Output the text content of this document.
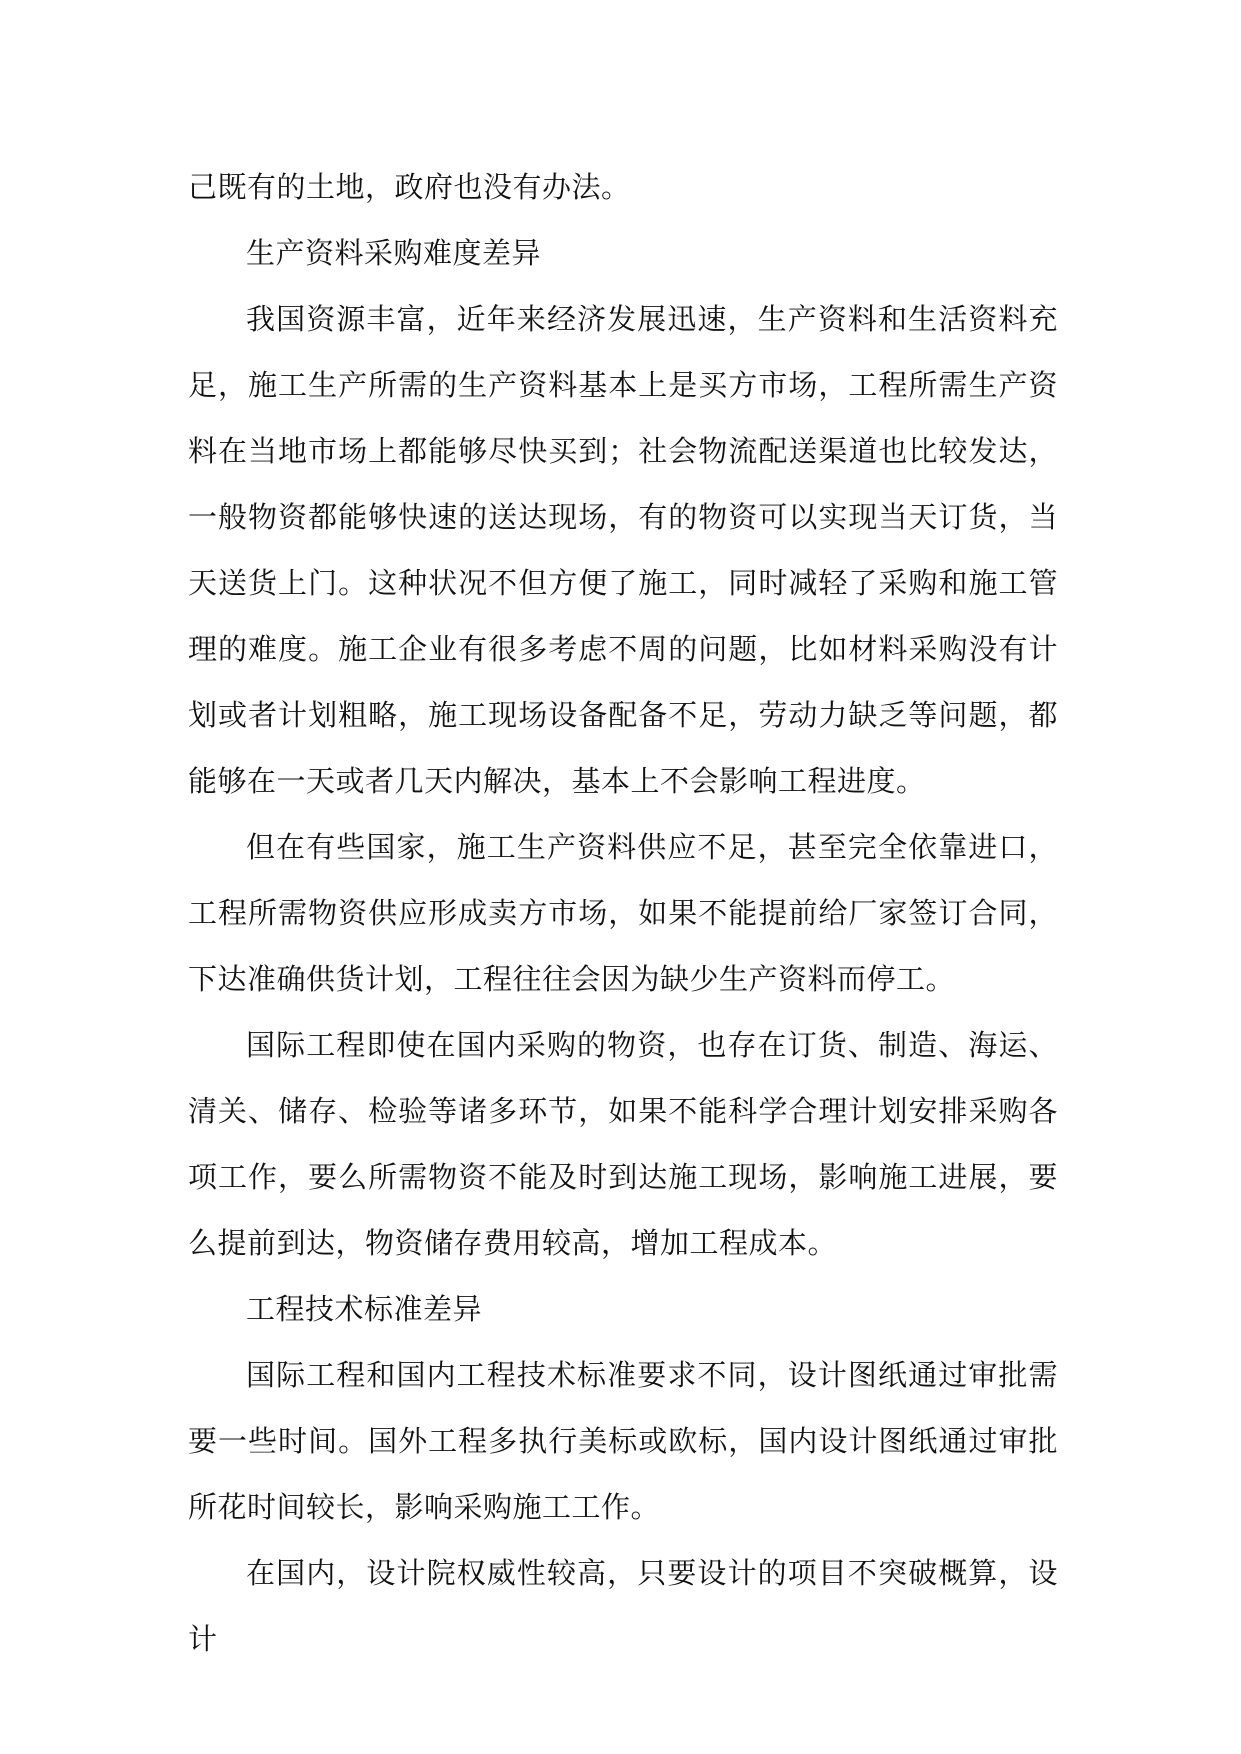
己既有的土地，政府也没有办法。

生产资料采购难度差异

我国资源丰富，近年来经济发展迅速，生产资料和生活资料充足，施工生产所需的生产资料基本上是买方市场，工程所需生产资料在当地市场上都能够尽快买到；社会物流配送渠道也比较发达，一般物资都能够快速的送达现场，有的物资可以实现当天订货，当天送货上门。这种状况不但方便了施工，同时减轻了采购和施工管理的难度。施工企业有很多考虑不周的问题，比如材料采购没有计划或者计划粗略，施工现场设备配备不足，劳动力缺乏等问题，都能够在一天或者几天内解决，基本上不会影响工程进度。

但在有些国家，施工生产资料供应不足，甚至完全依靠进口，工程所需物资供应形成卖方市场，如果不能提前给厂家签订合同，下达准确供货计划，工程往往会因为缺少生产资料而停工。

国际工程即使在国内采购的物资，也存在订货、制造、海运、清关、储存、检验等诸多环节，如果不能科学合理计划安排采购各项工作，要么所需物资不能及时到达施工现场，影响施工进展，要么提前到达，物资储存费用较高，增加工程成本。

工程技术标准差异

国际工程和国内工程技术标准要求不同，设计图纸通过审批需要一些时间。国外工程多执行美标或欧标，国内设计图纸通过审批所花时间较长，影响采购施工工作。

在国内，设计院权威性较高，只要设计的项目不突破概算，设计
